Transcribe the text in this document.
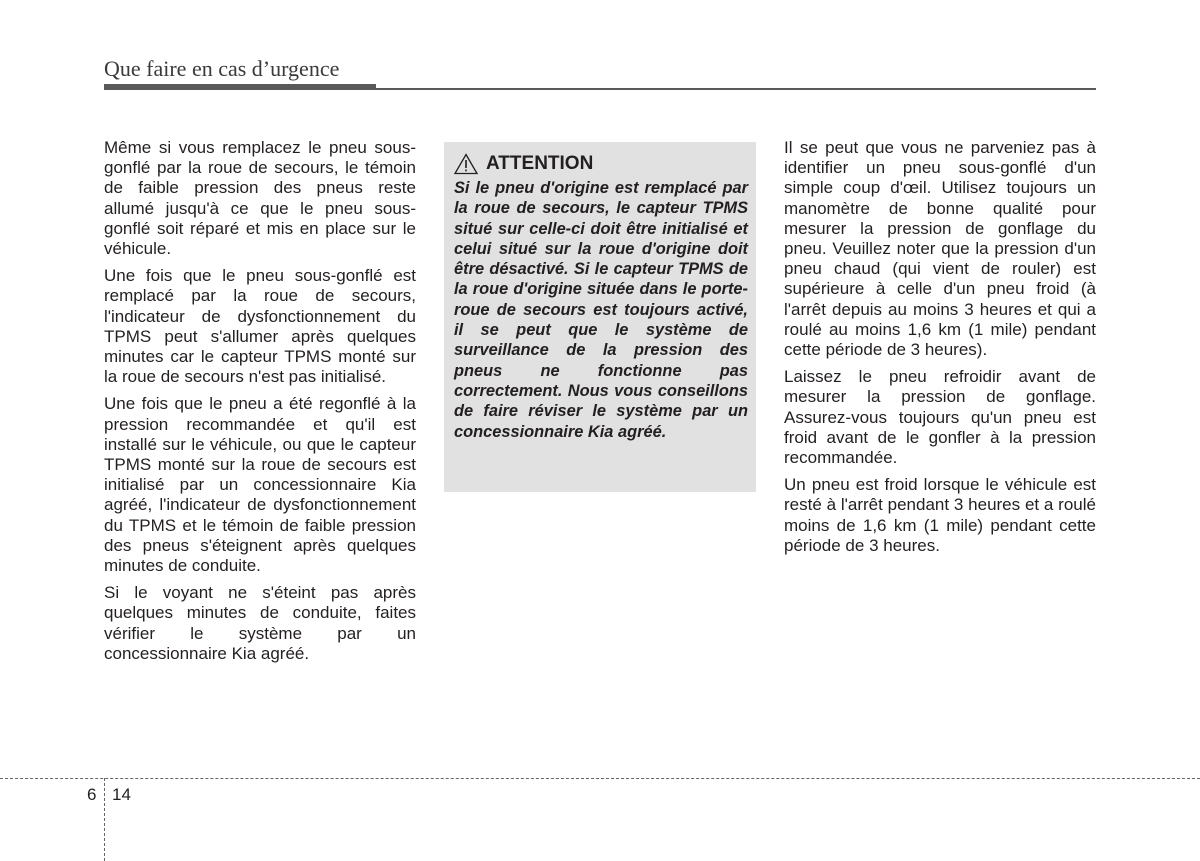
Que faire en cas d’urgence

Même si vous remplacez le pneu sous-gonflé par la roue de secours, le témoin de faible pression des pneus reste allumé jusqu'à ce que le pneu sous-gonflé soit réparé et mis en place sur le véhicule.

Une fois que le pneu sous-gonflé est remplacé par la roue de secours, l'indicateur de dysfonctionnement du TPMS peut s'allumer après quelques minutes car le capteur TPMS monté sur la roue de secours n'est pas initialisé.

Une fois que le pneu a été regonflé à la pression recommandée et qu'il est installé sur le véhicule, ou que le capteur TPMS monté sur la roue de secours est initialisé par un concessionnaire Kia agréé, l'indicateur de dysfonctionnement du TPMS et le témoin de faible pression des pneus s'éteignent après quelques minutes de conduite.

Si le voyant ne s'éteint pas après quelques minutes de conduite, faites vérifier le système par un concessionnaire Kia agréé.

ATTENTION

Si le pneu d'origine est remplacé par la roue de secours, le capteur TPMS situé sur celle-ci doit être initialisé et celui situé sur la roue d'origine doit être désactivé. Si le capteur TPMS de la roue d'origine située dans le porte-roue de secours est toujours activé, il se peut que le système de surveillance de la pression des pneus ne fonctionne pas correctement. Nous vous conseillons de faire réviser le système par un concessionnaire Kia agréé.

Il se peut que vous ne parveniez pas à identifier un pneu sous-gonflé d'un simple coup d'œil. Utilisez toujours un manomètre de bonne qualité pour mesurer la pression de gonflage du pneu. Veuillez noter que la pression d'un pneu chaud (qui vient de rouler) est supérieure à celle d'un pneu froid (à l'arrêt depuis au moins 3 heures et qui a roulé au moins 1,6 km (1 mile) pendant cette période de 3 heures).

Laissez le pneu refroidir avant de mesurer la pression de gonflage. Assurez-vous toujours qu'un pneu est froid avant de le gonfler à la pression recommandée.

Un pneu est froid lorsque le véhicule est resté à l'arrêt pendant 3 heures et a roulé moins de 1,6 km (1 mile) pendant cette période de 3 heures.

6 14
